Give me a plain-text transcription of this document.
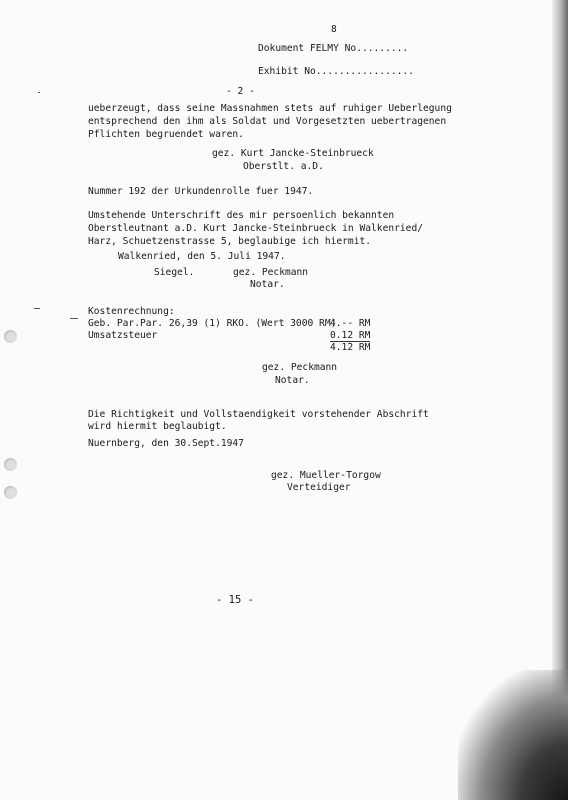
8
Dokument FELMY No.........
Exhibit No.................
- 2 -
ueberzeugt, dass seine Massnahmen stets auf ruhiger Ueberlegung
entsprechend den ihm als Soldat und Vorgesetzten uebertragenen
Pflichten begruendet waren.
gez. Kurt Jancke-Steinbrueck
Oberstlt. a.D.
Nummer 192 der Urkundenrolle fuer 1947.
Umstehende Unterschrift des mir persoenlich bekannten
Oberstleutnant a.D. Kurt Jancke-Steinbrueck in Walkenried/
Harz, Schuetzenstrasse 5, beglaubige ich hiermit.
Walkenried, den 5. Juli 1947.
Siegel.	gez. Peckmann
Notar.
Kostenrechnung:
Geb. Par.Par. 26,39 (1) RKO. (Wert 3000 RM)
4.-- RM
Umsatzsteuer	0.12 RM
4.12 RM
gez. Peckmann
Notar.
Die Richtigkeit und Vollstaendigkeit vorstehender Abschrift
wird hiermit beglaubigt.
Nuernberg, den 30.Sept.1947
gez. Mueller-Torgow
Verteidiger
- 15 -
